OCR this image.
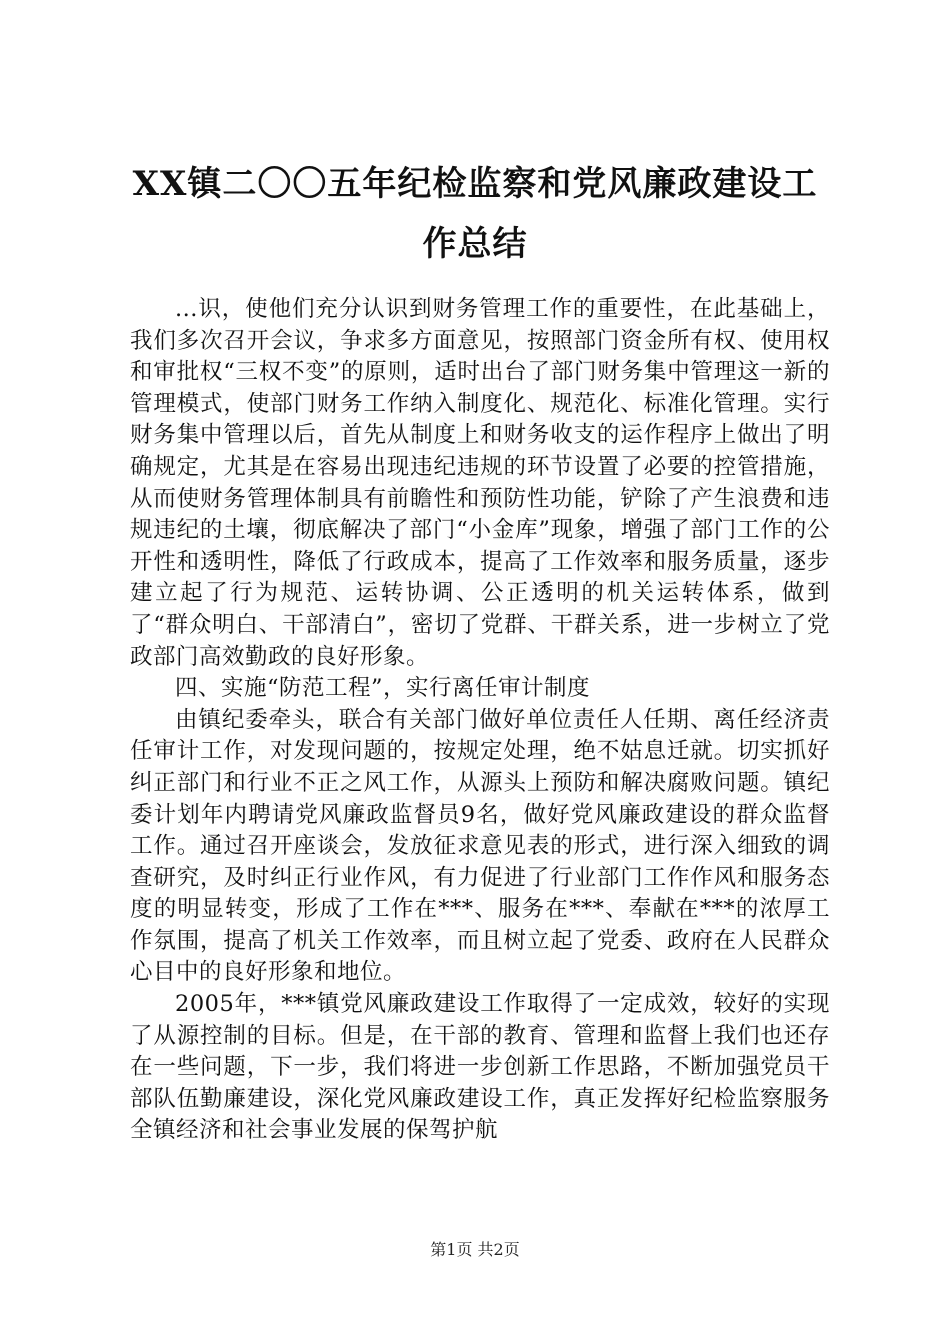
XX镇二〇〇五年纪检监察和党风廉政建设工
作总结

...识，使他们充分认识到财务管理工作的重要性，在此基础上，我们多次召开会议，争求多方面意见，按照部门资金所有权、使用权和审批权“三权不变”的原则，适时出台了部门财务集中管理这一新的管理模式，使部门财务工作纳入制度化、规范化、标准化管理。实行财务集中管理以后，首先从制度上和财务收支的运作程序上做出了明确规定，尤其是在容易出现违纪违规的环节设置了必要的控管措施，从而使财务管理体制具有前瞻性和预防性功能，铲除了产生浪费和违规违纪的土壤，彻底解决了部门“小金库”现象，增强了部门工作的公开性和透明性，降低了行政成本，提高了工作效率和服务质量，逐步建立起了行为规范、运转协调、公正透明的机关运转体系，做到了“群众明白、干部清白”，密切了党群、干群关系，进一步树立了党政部门高效勤政的良好形象。

四、实施“防范工程”，实行离任审计制度

由镇纪委牵头，联合有关部门做好单位责任人任期、离任经济责任审计工作，对发现问题的，按规定处理，绝不姑息迁就。切实抓好纠正部门和行业不正之风工作，从源头上预防和解决腐败问题。镇纪委计划年内聘请党风廉政监督员9名，做好党风廉政建设的群众监督工作。通过召开座谈会，发放征求意见表的形式，进行深入细致的调查研究，及时纠正行业作风，有力促进了行业部门工作作风和服务态度的明显转变，形成了工作在***、服务在***、奉献在***的浓厚工作氛围，提高了机关工作效率，而且树立起了党委、政府在人民群众心目中的良好形象和地位。

2005年，***镇党风廉政建设工作取得了一定成效，较好的实现了从源控制的目标。但是，在干部的教育、管理和监督上我们也还存在一些问题，下一步，我们将进一步创新工作思路，不断加强党员干部队伍勤廉建设，深化党风廉政建设工作，真正发挥好纪检监察服务全镇经济和社会事业发展的保驾护航

第1页 共2页
